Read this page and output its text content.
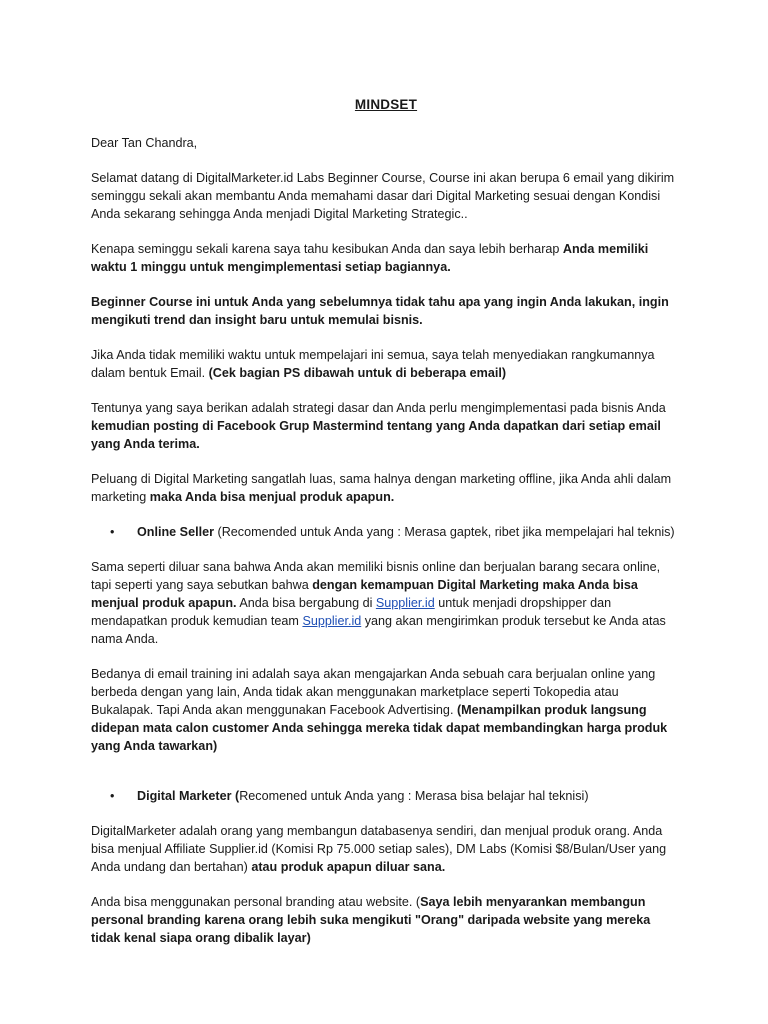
MINDSET

Dear Tan Chandra,

Selamat datang di DigitalMarketer.id Labs Beginner Course, Course ini akan berupa 6 email yang dikirim seminggu sekali akan membantu Anda memahami dasar dari Digital Marketing sesuai dengan Kondisi Anda sekarang sehingga Anda menjadi Digital Marketing Strategic..

Kenapa seminggu sekali karena saya tahu kesibukan Anda dan saya lebih berharap Anda memiliki waktu 1 minggu untuk mengimplementasi setiap bagiannya.

Beginner Course ini untuk Anda yang sebelumnya tidak tahu apa yang ingin Anda lakukan, ingin mengikuti trend dan insight baru untuk memulai bisnis.

Jika Anda tidak memiliki waktu untuk mempelajari ini semua, saya telah menyediakan rangkumannya dalam bentuk Email. (Cek bagian PS dibawah untuk di beberapa email)

Tentunya yang saya berikan adalah strategi dasar dan Anda perlu mengimplementasi pada bisnis Anda kemudian posting di Facebook Grup Mastermind tentang yang Anda dapatkan dari setiap email yang Anda terima.

Peluang di Digital Marketing sangatlah luas, sama halnya dengan marketing offline, jika Anda ahli dalam marketing maka Anda bisa menjual produk apapun.

• Online Seller (Recomended untuk Anda yang : Merasa gaptek, ribet jika mempelajari hal teknis)

Sama seperti diluar sana bahwa Anda akan memiliki bisnis online dan berjualan barang secara online, tapi seperti yang saya sebutkan bahwa dengan kemampuan Digital Marketing maka Anda bisa menjual produk apapun. Anda bisa bergabung di Supplier.id untuk menjadi dropshipper dan mendapatkan produk kemudian team Supplier.id yang akan mengirimkan produk tersebut ke Anda atas nama Anda.

Bedanya di email training ini adalah saya akan mengajarkan Anda sebuah cara berjualan online yang berbeda dengan yang lain, Anda tidak akan menggunakan marketplace seperti Tokopedia atau Bukalapak. Tapi Anda akan menggunakan Facebook Advertising. (Menampilkan produk langsung didepan mata calon customer Anda sehingga mereka tidak dapat membandingkan harga produk yang Anda tawarkan)

• Digital Marketer (Recomened untuk Anda yang : Merasa bisa belajar hal teknisi)

DigitalMarketer adalah orang yang membangun databasenya sendiri, dan menjual produk orang. Anda bisa menjual Affiliate Supplier.id (Komisi Rp 75.000 setiap sales), DM Labs (Komisi $8/Bulan/User yang Anda undang dan bertahan) atau produk apapun diluar sana.

Anda bisa menggunakan personal branding atau website. (Saya lebih menyarankan membangun personal branding karena orang lebih suka mengikuti "Orang" daripada website yang mereka tidak kenal siapa orang dibalik layar)
